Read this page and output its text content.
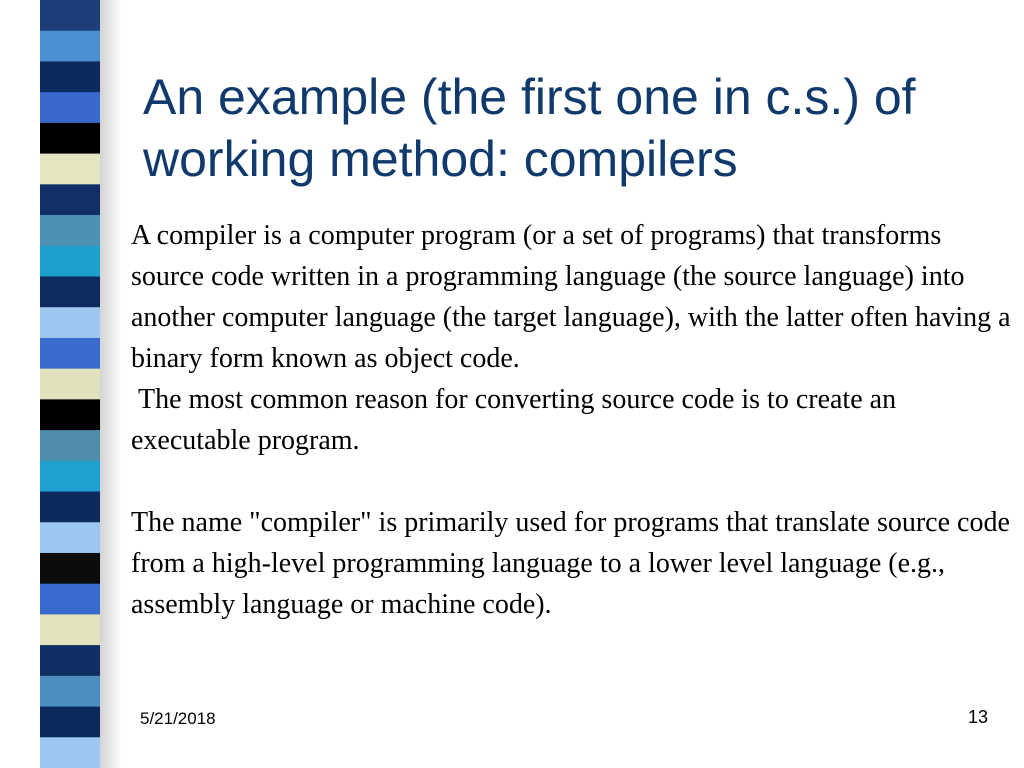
An example (the first one in c.s.) of working method: compilers

A compiler is a computer program (or a set of programs) that transforms source code written in a programming language (the source language) into another computer language (the target language), with the latter often having a binary form known as object code.

The most common reason for converting source code is to create an executable program.

The name "compiler" is primarily used for programs that translate source code from a high-level programming language to a lower level language (e.g., assembly language or machine code).

5/21/2018	13
